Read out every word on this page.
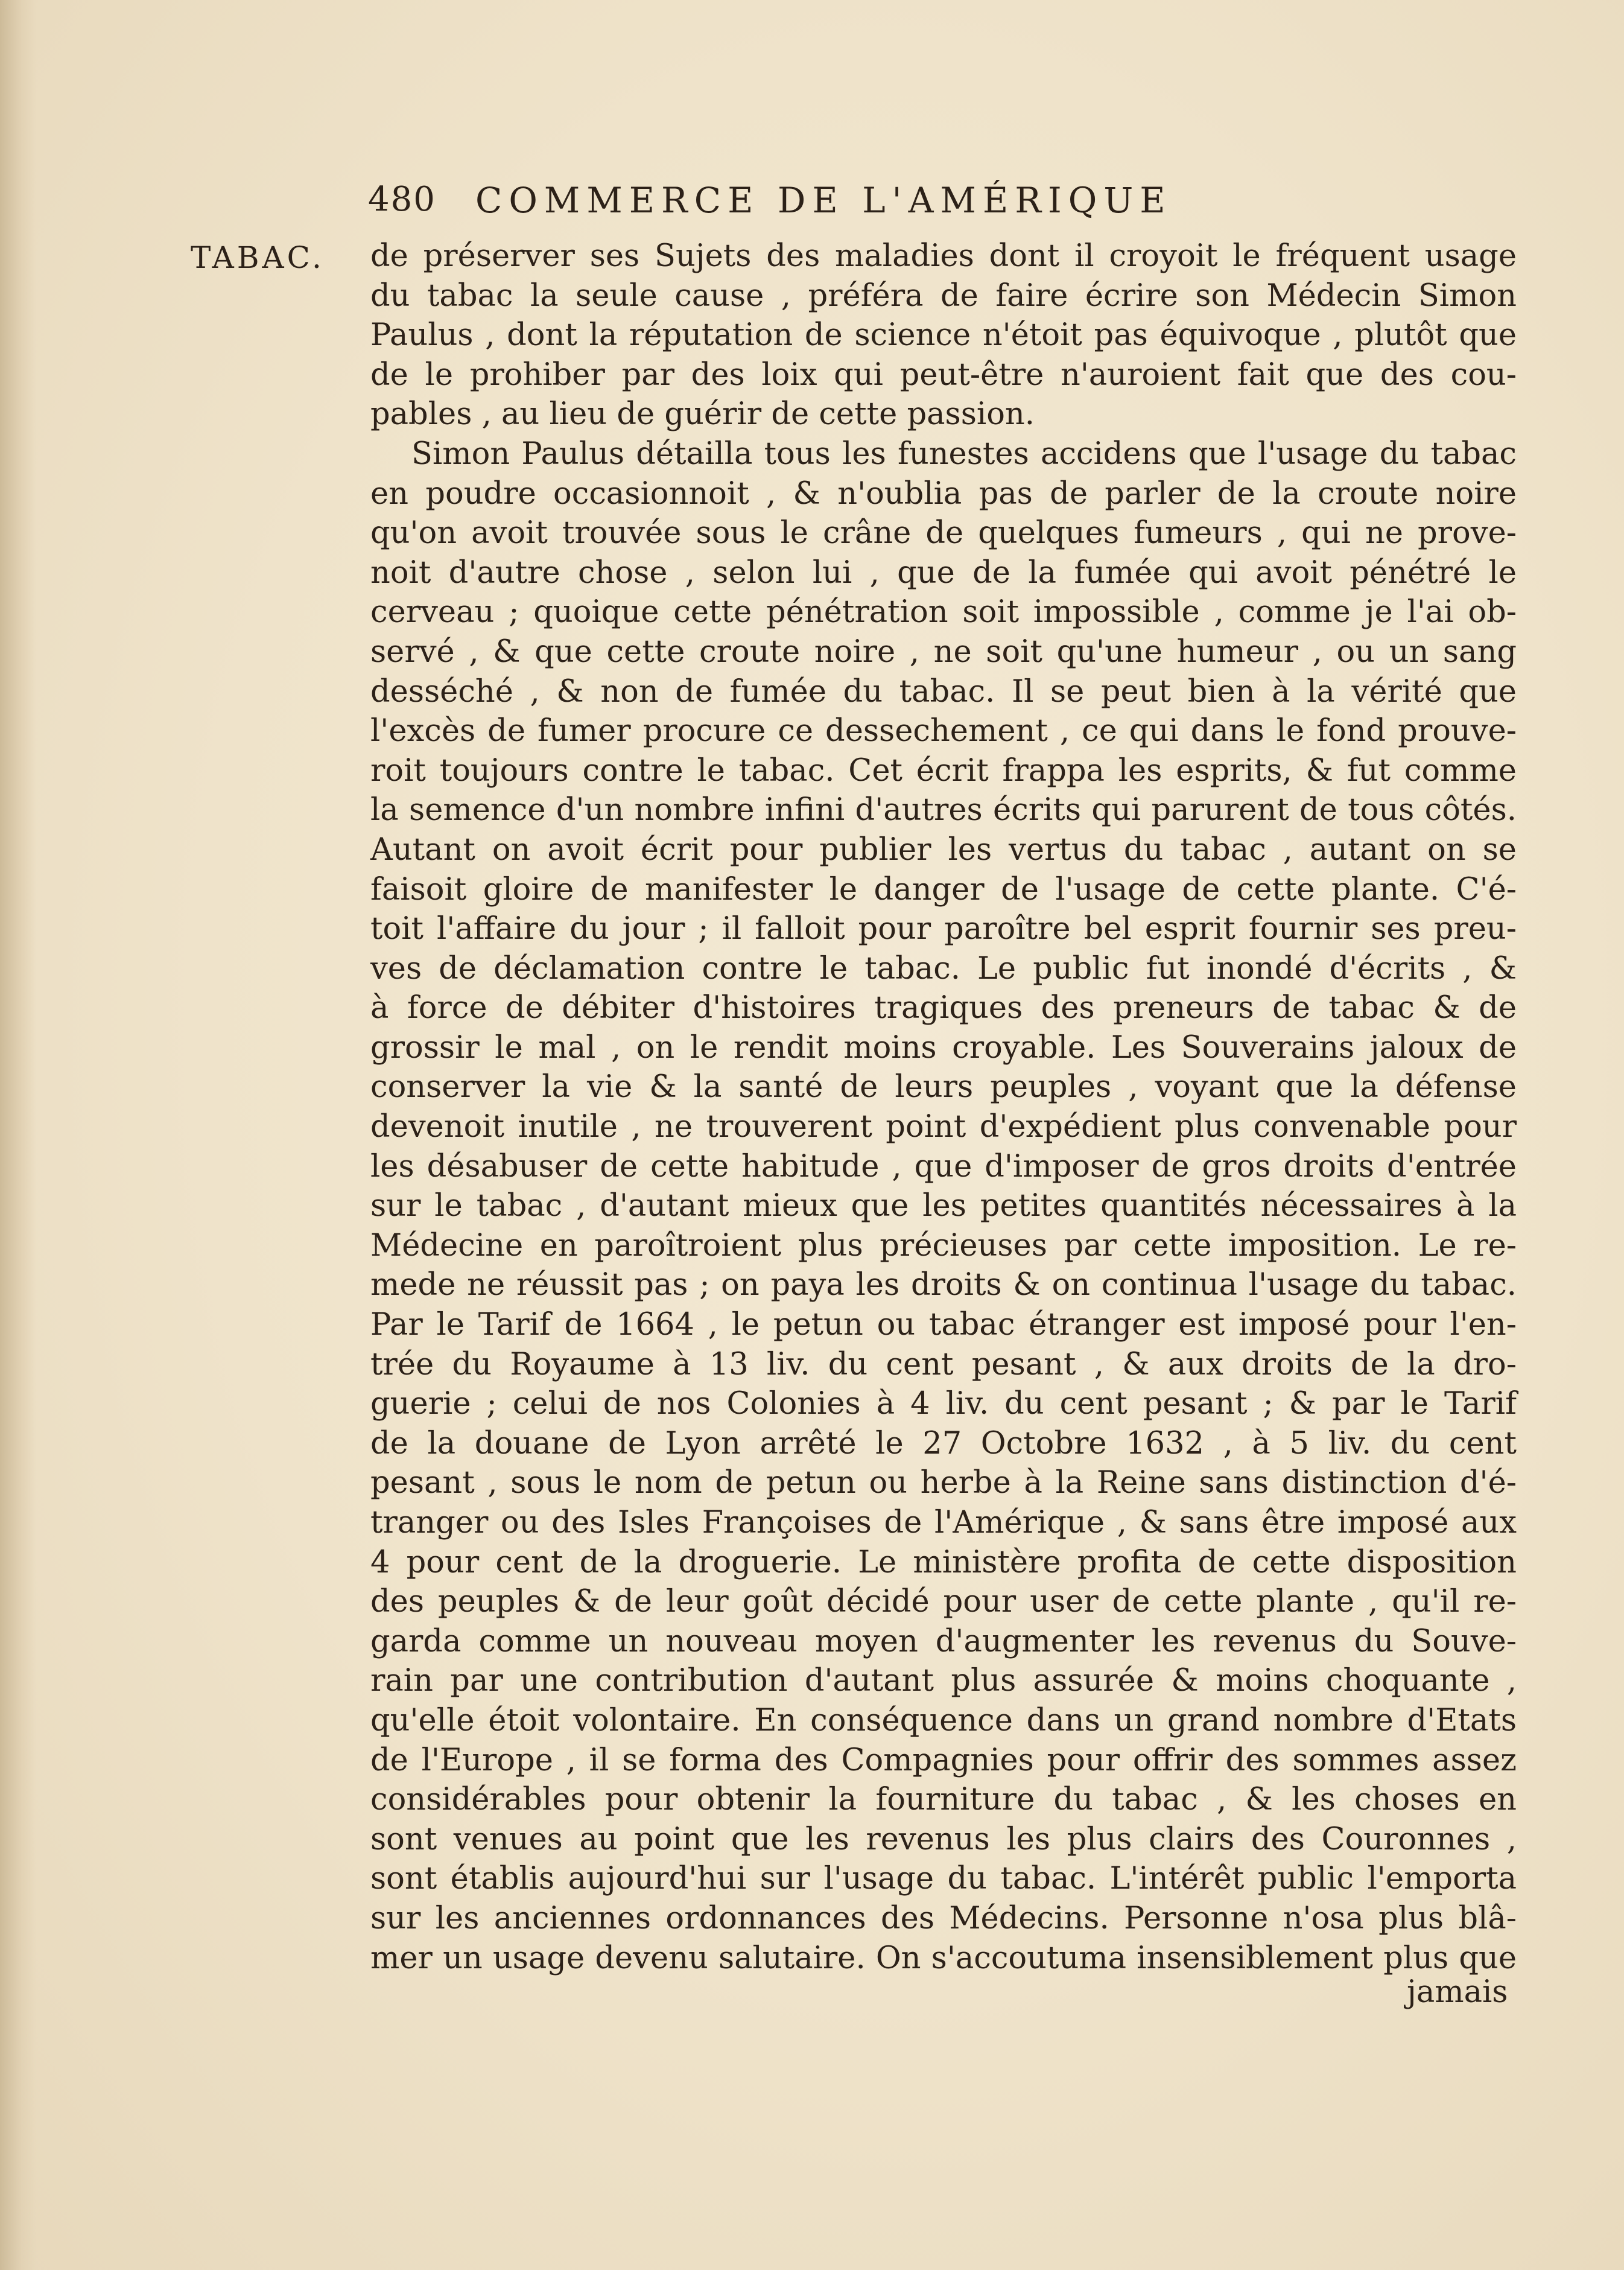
480 COMMERCE DE L'AMÉRIQUE
TABAC. de préserver ses Sujets des maladies dont il croyoit le fréquent usage
du tabac la seule cause , préféra de faire écrire son Médecin Simon
Paulus , dont la réputation de science n'étoit pas équivoque , plutôt que
de le prohiber par des loix qui peut-être n'auroient fait que des cou-
pables , au lieu de guérir de cette passion.
Simon Paulus détailla tous les funestes accidens que l'usage du tabac
en poudre occasionnoit , & n'oublia pas de parler de la croute noire
qu'on avoit trouvée sous le crâne de quelques fumeurs , qui ne prove-
noit d'autre chose , selon lui , que de la fumée qui avoit pénétré le
cerveau ; quoique cette pénétration soit impossible , comme je l'ai ob-
servé , & que cette croute noire , ne soit qu'une humeur , ou un sang
desséché , & non de fumée du tabac. Il se peut bien à la vérité que
l'excès de fumer procure ce dessechement , ce qui dans le fond prouve-
roit toujours contre le tabac. Cet écrit frappa les esprits, & fut comme
la semence d'un nombre infini d'autres écrits qui parurent de tous côtés.
Autant on avoit écrit pour publier les vertus du tabac , autant on se
faisoit gloire de manifester le danger de l'usage de cette plante. C'é-
toit l'affaire du jour ; il falloit pour paroître bel esprit fournir ses preu-
ves de déclamation contre le tabac. Le public fut inondé d'écrits , &
à force de débiter d'histoires tragiques des preneurs de tabac & de
grossir le mal , on le rendit moins croyable. Les Souverains jaloux de
conserver la vie & la santé de leurs peuples , voyant que la défense
devenoit inutile , ne trouverent point d'expédient plus convenable pour
les désabuser de cette habitude , que d'imposer de gros droits d'entrée
sur le tabac , d'autant mieux que les petites quantités nécessaires à la
Médecine en paroîtroient plus précieuses par cette imposition. Le re-
mede ne réussit pas ; on paya les droits & on continua l'usage du tabac.
Par le Tarif de 1664 , le petun ou tabac étranger est imposé pour l'en-
trée du Royaume à 13 liv. du cent pesant , & aux droits de la dro-
guerie ; celui de nos Colonies à 4 liv. du cent pesant ; & par le Tarif
de la douane de Lyon arrêté le 27 Octobre 1632 , à 5 liv. du cent
pesant , sous le nom de petun ou herbe à la Reine sans distinction d'é-
tranger ou des Isles Françoises de l'Amérique , & sans être imposé aux
4 pour cent de la droguerie. Le ministère profita de cette disposition
des peuples & de leur goût décidé pour user de cette plante , qu'il re-
garda comme un nouveau moyen d'augmenter les revenus du Souve-
rain par une contribution d'autant plus assurée & moins choquante ,
qu'elle étoit volontaire. En conséquence dans un grand nombre d'Etats
de l'Europe , il se forma des Compagnies pour offrir des sommes assez
considérables pour obtenir la fourniture du tabac , & les choses en
sont venues au point que les revenus les plus clairs des Couronnes ,
sont établis aujourd'hui sur l'usage du tabac. L'intérêt public l'emporta
sur les anciennes ordonnances des Médecins. Personne n'osa plus blâ-
mer un usage devenu salutaire. On s'accoutuma insensiblement plus que
jamais
